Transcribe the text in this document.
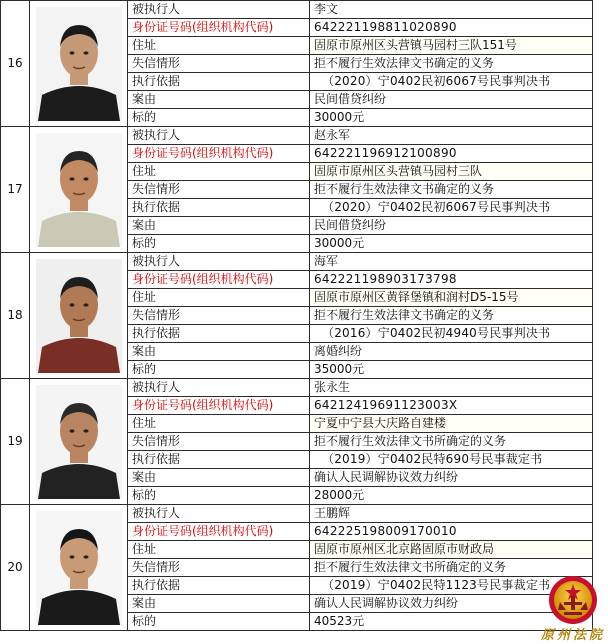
16		被执行人	李文
		身份证号码(组织机构代码)	642221198811020890
		住址	固原市原州区头营镇马园村三队151号
		失信情形	拒不履行生效法律文书确定的义务
		执行依据	（2020）宁0402民初6067号民事判决书
		案由	民间借贷纠纷
		标的	30000元
17		被执行人	赵永军
		身份证号码(组织机构代码)	642221196912100890
		住址	固原市原州区头营镇马园村三队
		失信情形	拒不履行生效法律文书确定的义务
		执行依据	（2020）宁0402民初6067号民事判决书
		案由	民间借贷纠纷
		标的	30000元
18		被执行人	海军
		身份证号码(组织机构代码)	642221198903173798
		住址	固原市原州区黄铎堡镇和润村D5-15号
		失信情形	拒不履行生效法律文书确定的义务
		执行依据	（2016）宁0402民初4940号民事判决书
		案由	离婚纠纷
		标的	35000元
19		被执行人	张永生
		身份证号码(组织机构代码)	64212419691123003X
		住址	宁夏中宁县大庆路自建楼
		失信情形	拒不履行生效法律文书所确定的义务
		执行依据	（2019）宁0402民特690号民事裁定书
		案由	确认人民调解协议效力纠纷
		标的	28000元
20		被执行人	王鹏辉
		身份证号码(组织机构代码)	642225198009170010
		住址	固原市原州区北京路固原市财政局
		失信情形	拒不履行生效法律文书所确定的义务
		执行依据	（2019）宁0402民特1123号民事裁定书
		案由	确认人民调解协议效力纠纷
		标的	40523元
原州法院
